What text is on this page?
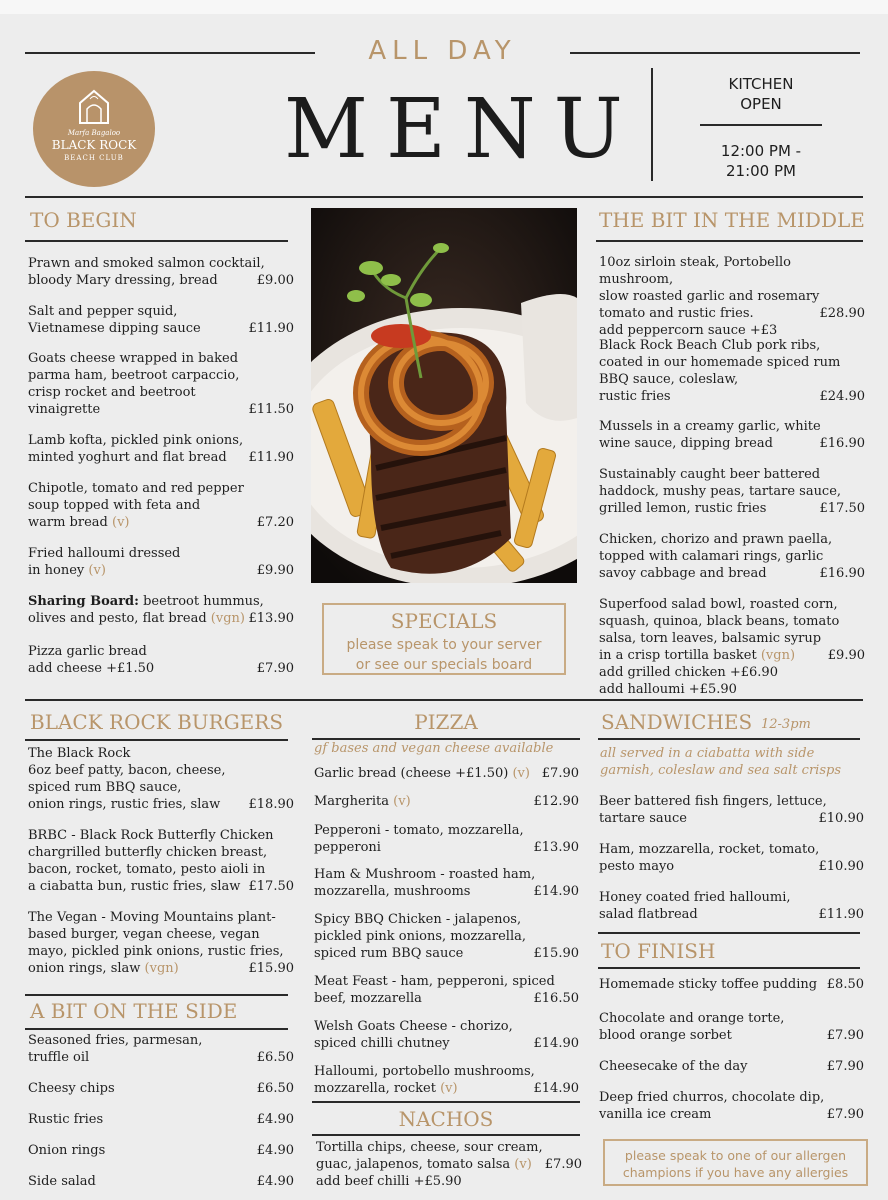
ALL DAY
MENU
Marfa Bagaloo
BLACK ROCK
BEACH CLUB
KITCHEN
OPEN
12:00 PM -
21:00 PM
TO BEGIN
Prawn and smoked salmon cocktail,
bloody Mary dressing, bread	£9.00
Salt and pepper squid,
Vietnamese dipping sauce	£11.90
Goats cheese wrapped in baked
parma ham, beetroot carpaccio,
crisp rocket and beetroot
vinaigrette	£11.50
Lamb kofta, pickled pink onions,
minted yoghurt and flat bread	£11.90
Chipotle, tomato and red pepper
soup topped with feta and
warm bread (v)	£7.20
Fried halloumi dressed
in honey (v)	£9.90
Sharing Board: beetroot hummus,
olives and pesto, flat bread (vgn) £13.90
Pizza garlic bread
add cheese +£1.50	£7.90
SPECIALS
please speak to your server
or see our specials board
THE BIT IN THE MIDDLE
10oz sirloin steak, Portobello mushroom,
slow roasted garlic and rosemary
tomato and rustic fries.	£28.90
add peppercorn sauce +£3
Black Rock Beach Club pork ribs,
coated in our homemade spiced rum
BBQ sauce, coleslaw,
rustic fries	£24.90
Mussels in a creamy garlic, white
wine sauce, dipping bread	£16.90
Sustainably caught beer battered
haddock, mushy peas, tartare sauce,
grilled lemon, rustic fries	£17.50
Chicken, chorizo and prawn paella,
topped with calamari rings, garlic
savoy cabbage and bread	£16.90
Superfood salad bowl, roasted corn,
squash, quinoa, black beans, tomato
salsa, torn leaves, balsamic syrup
in a crisp tortilla basket (vgn)	£9.90
add grilled chicken +£6.90
add halloumi +£5.90
BLACK ROCK BURGERS
The Black Rock
6oz beef patty, bacon, cheese,
spiced rum BBQ sauce,
onion rings, rustic fries, slaw	£18.90
BRBC - Black Rock Butterfly Chicken
chargrilled butterfly chicken breast,
bacon, rocket, tomato, pesto aioli in
a ciabatta bun, rustic fries, slaw £17.50
The Vegan - Moving Mountains plant-
based burger, vegan cheese, vegan
mayo, pickled pink onions, rustic fries,
onion rings, slaw (vgn)	£15.90
A BIT ON THE SIDE
Seasoned fries, parmesan,
truffle oil	£6.50
Cheesy chips	£6.50
Rustic fries	£4.90
Onion rings	£4.90
Side salad	£4.90
PIZZA
gf bases and vegan cheese available
Garlic bread (cheese +£1.50) (v) £7.90
Margherita (v)	£12.90
Pepperoni - tomato, mozzarella,
pepperoni	£13.90
Ham & Mushroom - roasted ham,
mozzarella, mushrooms	£14.90
Spicy BBQ Chicken - jalapenos,
pickled pink onions, mozzarella,
spiced rum BBQ sauce	£15.90
Meat Feast - ham, pepperoni, spiced
beef, mozzarella	£16.50
Welsh Goats Cheese - chorizo,
spiced chilli chutney	£14.90
Halloumi, portobello mushrooms,
mozzarella, rocket (v)	£14.90
NACHOS
Tortilla chips, cheese, sour cream,
guac, jalapenos, tomato salsa (v)	£7.90
add beef chilli +£5.90
SANDWICHES 12-3pm
all served in a ciabatta with side
garnish, coleslaw and sea salt crisps
Beer battered fish fingers, lettuce,
tartare sauce	£10.90
Ham, mozzarella, rocket, tomato,
pesto mayo	£10.90
Honey coated fried halloumi,
salad flatbread	£11.90
TO FINISH
Homemade sticky toffee pudding £8.50
Chocolate and orange torte,
blood orange sorbet	£7.90
Cheesecake of the day	£7.90
Deep fried churros, chocolate dip,
vanilla ice cream	£7.90
please speak to one of our allergen
champions if you have any allergies
